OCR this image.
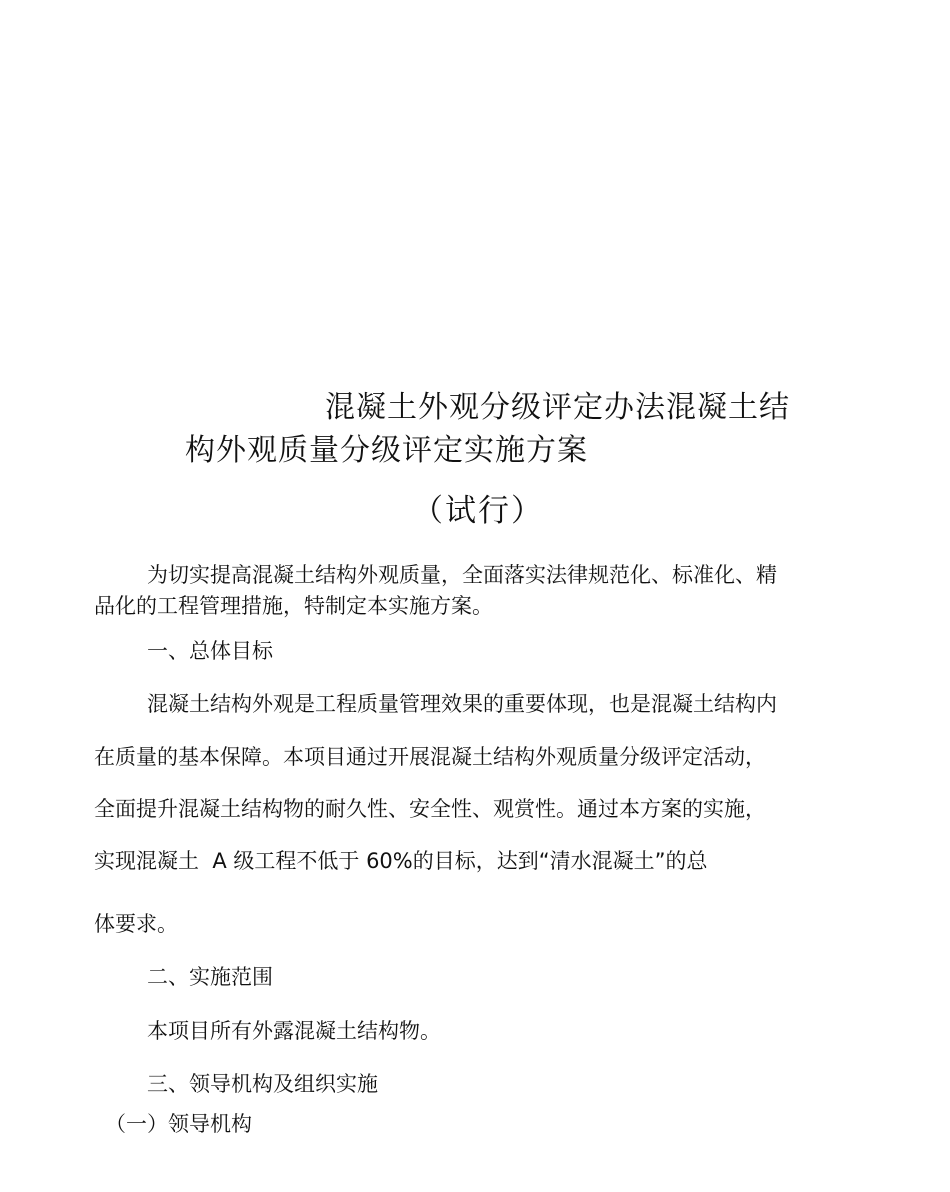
混凝土外观分级评定办法混凝土结
构外观质量分级评定实施方案
（试行）
为切实提高混凝土结构外观质量，全面落实法律规范化、标准化、精
品化的工程管理措施，特制定本实施方案。
一、总体目标
混凝土结构外观是工程质量管理效果的重要体现，也是混凝土结构内
在质量的基本保障。本项目通过开展混凝土结构外观质量分级评定活动，
全面提升混凝土结构物的耐久性、安全性、观赏性。通过本方案的实施，
实现混凝土  A 级工程不低于 60%的目标，达到“清水混凝土”的总
体要求。
二、实施范围
本项目所有外露混凝土结构物。
三、领导机构及组织实施
（一）领导机构
